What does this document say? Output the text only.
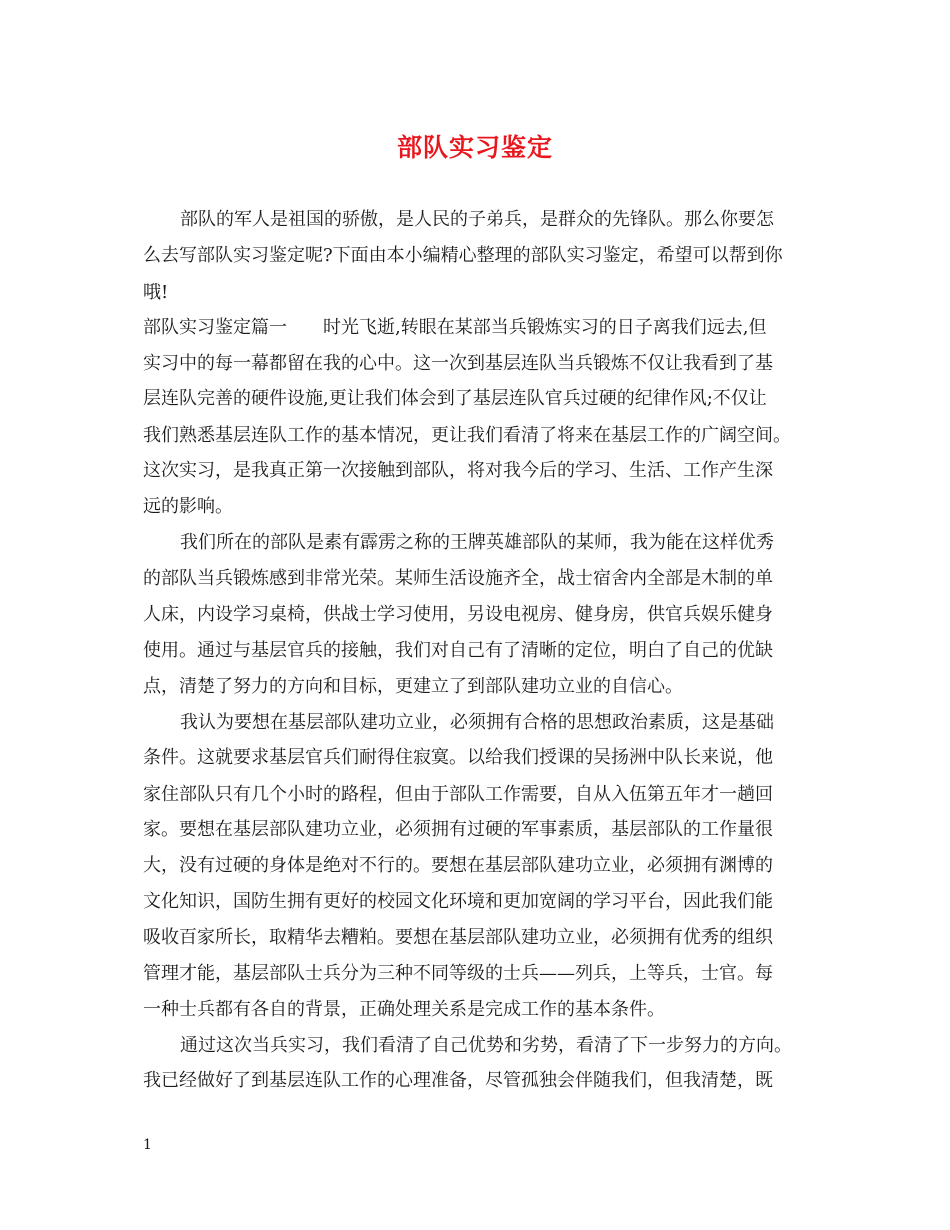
部队实习鉴定

部队的军人是祖国的骄傲，是人民的子弟兵，是群众的先锋队。那么你要怎

么去写部队实习鉴定呢?下面由本小编精心整理的部队实习鉴定，希望可以帮到你

哦!

部队实习鉴定篇一　　时光飞逝,转眼在某部当兵锻炼实习的日子离我们远去,但

实习中的每一幕都留在我的心中。这一次到基层连队当兵锻炼不仅让我看到了基

层连队完善的硬件设施,更让我们体会到了基层连队官兵过硬的纪律作风;不仅让

我们熟悉基层连队工作的基本情况，更让我们看清了将来在基层工作的广阔空间。

这次实习，是我真正第一次接触到部队，将对我今后的学习、生活、工作产生深

远的影响。

我们所在的部队是素有霹雳之称的王牌英雄部队的某师，我为能在这样优秀

的部队当兵锻炼感到非常光荣。某师生活设施齐全，战士宿舍内全部是木制的单

人床，内设学习桌椅，供战士学习使用，另设电视房、健身房，供官兵娱乐健身

使用。通过与基层官兵的接触，我们对自己有了清晰的定位，明白了自己的优缺

点，清楚了努力的方向和目标，更建立了到部队建功立业的自信心。

我认为要想在基层部队建功立业，必须拥有合格的思想政治素质，这是基础

条件。这就要求基层官兵们耐得住寂寞。以给我们授课的吴扬洲中队长来说，他

家住部队只有几个小时的路程，但由于部队工作需要，自从入伍第五年才一趟回

家。要想在基层部队建功立业，必须拥有过硬的军事素质，基层部队的工作量很

大，没有过硬的身体是绝对不行的。要想在基层部队建功立业，必须拥有渊博的

文化知识，国防生拥有更好的校园文化环境和更加宽阔的学习平台，因此我们能

吸收百家所长，取精华去糟粕。要想在基层部队建功立业，必须拥有优秀的组织

管理才能，基层部队士兵分为三种不同等级的士兵——列兵，上等兵，士官。每

一种士兵都有各自的背景，正确处理关系是完成工作的基本条件。

通过这次当兵实习，我们看清了自己优势和劣势，看清了下一步努力的方向。

我已经做好了到基层连队工作的心理准备，尽管孤独会伴随我们，但我清楚，既

1
